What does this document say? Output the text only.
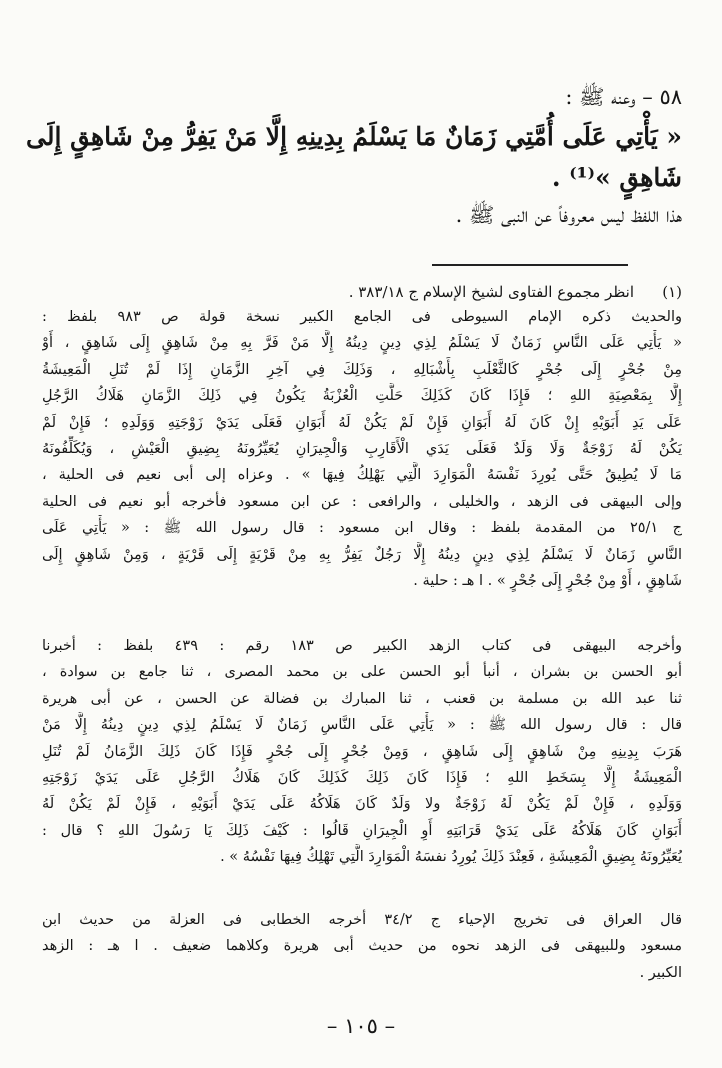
٥٨ – وعنه ﷺ :
« يَأْتِي عَلَى أُمَّتِي زَمَانٌ مَا يَسْلَمُ بِدِينِهِ إِلَّا مَنْ يَفِرُّ مِنْ شَاهِقٍ إِلَى
شَاهِقٍ »⁽¹⁾ .
هذا اللفظ ليس معروفاً عن النبى ﷺ .
(١)
انظر مجموع الفتاوى لشيخ الإسلام ج ٣٨٣/١٨ .
والحديث ذكره الإمام السيوطى فى الجامع الكبير نسخة قولة ص ٩٨٣ بلفظ :
« يَأْتِي عَلَى النَّاسِ زَمَانٌ لَا يَسْلَمُ لِذِي دِينٍ دِينُهُ إِلَّا مَنْ فَرَّ بِهِ مِنْ شَاهِقٍ إِلَى شَاهِقٍ ، أَوْ
مِنْ جُحْرٍ إِلَى جُحْرٍ كَالثَّعْلَبِ بِأَشْبَالِهِ ، وَذَلِكَ فِي آخِرِ الزَّمَانِ إِذَا لَمْ تُنَلِ الْمَعِيشَةُ
إِلَّا بِمَعْصِيَةِ اللهِ ؛ فَإِذَا كَانَ كَذَلِكَ حَلَّتِ الْعُزْبَةُ يَكُونُ فِي ذَلِكَ الزَّمَانِ هَلَاكُ الرَّجُلِ
عَلَى يَدِ أَبَوَيْهِ إِنْ كَانَ لَهُ أَبَوَانِ فَإِنْ لَمْ يَكُنْ لَهُ أَبَوَانِ فَعَلَى يَدَيْ زَوْجَتِهِ وَوَلَدِهِ ؛ فَإِنْ لَمْ
يَكُنْ لَهُ زَوْجَةٌ وَلَا وَلَدٌ فَعَلَى يَدَي الْأَقَارِبِ وَالْجِيرَانِ يُعَيِّرُونَهُ بِضِيقِ الْعَيْشِ ، وَيُكَلِّفُونَهُ
مَا لَا يُطِيقُ حَتَّى يُورِدَ نَفْسَهُ الْمَوَارِدَ الَّتِي يَهْلِكُ فِيهَا » . وعزاه إلى أبى نعيم فى الحلية ،
وإلى البيهقى فى الزهد ، والخليلى ، والرافعى : عن ابن مسعود فأخرجه أبو نعيم فى الحلية
ج ٢٥/١ من المقدمة بلفظ : وقال ابن مسعود : قال رسول الله ﷺ : « يَأْتِي عَلَى
النَّاسِ زَمَانٌ لَا يَسْلَمُ لِذِي دِينٍ دِينُهُ إِلَّا رَجُلٌ يَفِرُّ بِهِ مِنْ قَرْيَةٍ إِلَى قَرْيَةٍ ، وَمِنْ شَاهِقٍ إِلَى
شَاهِقٍ ، أَوْ مِنْ جُحْرٍ إِلَى جُحْرٍ » . ا هـ : حلية .
وأخرجه البيهقى فى كتاب الزهد الكبير ص ١٨٣ رقم : ٤٣٩ بلفظ : أخبرنا
أبو الحسن بن بشران ، أنبأ أبو الحسن على بن محمد المصرى ، ثنا جامع بن سوادة ،
ثنا عبد الله بن مسلمة بن قعنب ، ثنا المبارك بن فضالة عن الحسن ، عن أبى هريرة
قال : قال رسول الله ﷺ : « يَأْتِي عَلَى النَّاسِ زَمَانٌ لَا يَسْلَمُ لِذِي دِينٍ دِينُهُ إِلَّا مَنْ
هَرَبَ بِدِينِهِ مِنْ شَاهِقٍ إِلَى شَاهِقٍ ، وَمِنْ جُحْرٍ إِلَى جُحْرٍ فَإِذَا كَانَ ذَلِكَ الزَّمَانُ لَمْ تُنَلِ
الْمَعِيشَةُ إِلَّا بِسَخَطِ اللهِ ؛ فَإِذَا كَانَ ذَلِكَ كَذَلِكَ كَانَ هَلَاكُ الرَّجُلِ عَلَى يَدَيْ زَوْجَتِهِ
وَوَلَدِهِ ، فَإِنْ لَمْ يَكُنْ لَهُ زَوْجَةٌ ولا وَلَدٌ كَانَ هَلَاكُهُ عَلَى يَدَيْ أَبَوَيْهِ ، فَإِنْ لَمْ يَكُنْ لَهُ
أَبَوَانِ كَانَ هَلَاكُهُ عَلَى يَدَيْ قَرَابَتِهِ أَوِ الْجِيرَانِ قَالُوا : كَيْفَ ذَلِكَ يَا رَسُولَ اللهِ ؟ قال :
يُعَيِّرُونَهُ بِضِيقِ الْمَعِيشَةِ ، فَعِنْدَ ذَلِكَ يُورِدُ نفسَهُ الْمَوَارِدَ الَّتِي تَهْلِكُ فِيهَا نَفْسُهُ » .
قال العراق فى تخريج الإحياء ج ٣٤/٢ أخرجه الخطابى فى العزلة من حديث ابن
مسعود وللبيهقى فى الزهد نحوه من حديث أبى هريرة وكلاهما ضعيف . ا هـ : الزهد
الكبير .
– ١٠٥ –
